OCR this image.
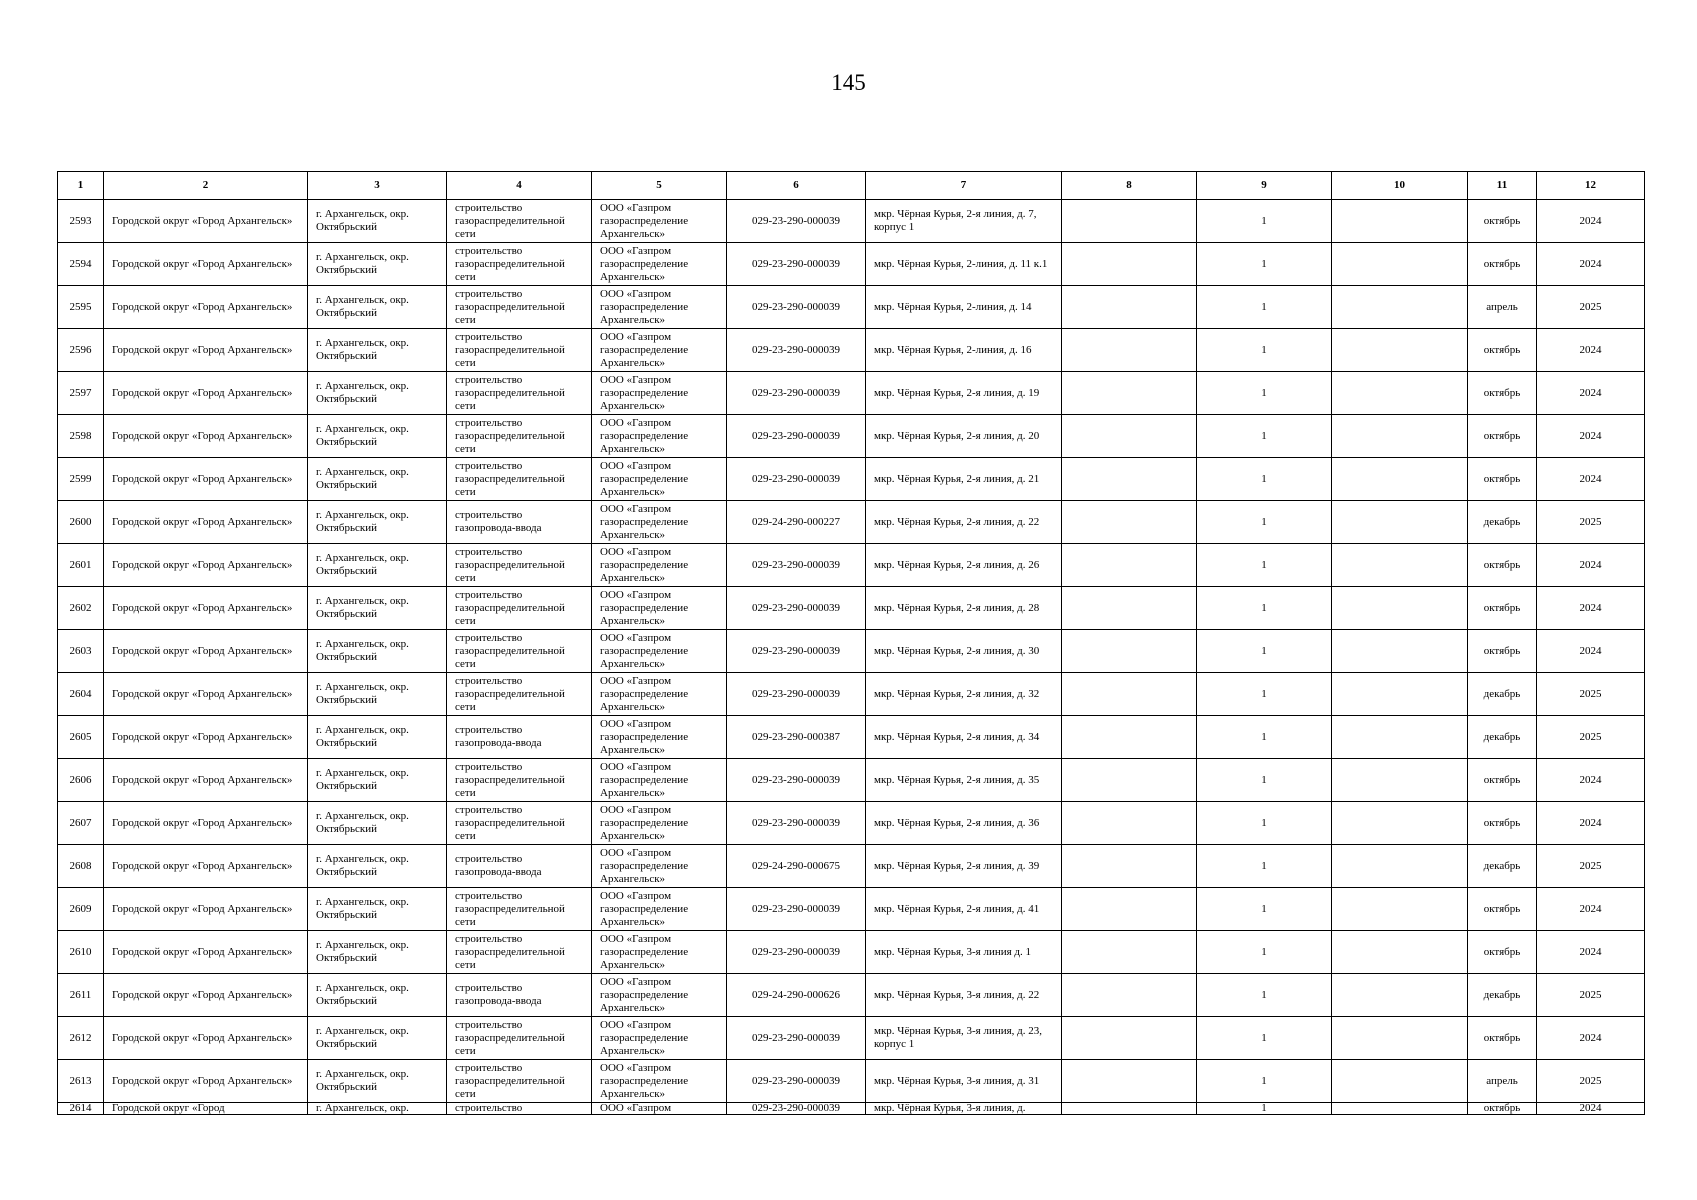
145
1	2	3	4	5	6	7	8	9	10	11	12
2593	Городской округ «Город Архангельск»	г. Архангельск, окр. Октябрьский	строительство газораспределительной сети	ООО «Газпром газораспределение Архангельск»	029-23-290-000039	мкр. Чёрная Курья, 2-я линия, д. 7, корпус 1		1		октябрь	2024
2594	Городской округ «Город Архангельск»	г. Архангельск, окр. Октябрьский	строительство газораспределительной сети	ООО «Газпром газораспределение Архангельск»	029-23-290-000039	мкр. Чёрная Курья, 2-линия, д. 11 к.1		1		октябрь	2024
2595	Городской округ «Город Архангельск»	г. Архангельск, окр. Октябрьский	строительство газораспределительной сети	ООО «Газпром газораспределение Архангельск»	029-23-290-000039	мкр. Чёрная Курья, 2-линия, д. 14		1		апрель	2025
2596	Городской округ «Город Архангельск»	г. Архангельск, окр. Октябрьский	строительство газораспределительной сети	ООО «Газпром газораспределение Архангельск»	029-23-290-000039	мкр. Чёрная Курья, 2-линия, д. 16		1		октябрь	2024
2597	Городской округ «Город Архангельск»	г. Архангельск, окр. Октябрьский	строительство газораспределительной сети	ООО «Газпром газораспределение Архангельск»	029-23-290-000039	мкр. Чёрная Курья, 2-я линия, д. 19		1		октябрь	2024
2598	Городской округ «Город Архангельск»	г. Архангельск, окр. Октябрьский	строительство газораспределительной сети	ООО «Газпром газораспределение Архангельск»	029-23-290-000039	мкр. Чёрная Курья, 2-я линия, д. 20		1		октябрь	2024
2599	Городской округ «Город Архангельск»	г. Архангельск, окр. Октябрьский	строительство газораспределительной сети	ООО «Газпром газораспределение Архангельск»	029-23-290-000039	мкр. Чёрная Курья, 2-я линия, д. 21		1		октябрь	2024
2600	Городской округ «Город Архангельск»	г. Архангельск, окр. Октябрьский	строительство газопровода-ввода	ООО «Газпром газораспределение Архангельск»	029-24-290-000227	мкр. Чёрная Курья, 2-я линия, д. 22		1		декабрь	2025
2601	Городской округ «Город Архангельск»	г. Архангельск, окр. Октябрьский	строительство газораспределительной сети	ООО «Газпром газораспределение Архангельск»	029-23-290-000039	мкр. Чёрная Курья, 2-я линия, д. 26		1		октябрь	2024
2602	Городской округ «Город Архангельск»	г. Архангельск, окр. Октябрьский	строительство газораспределительной сети	ООО «Газпром газораспределение Архангельск»	029-23-290-000039	мкр. Чёрная Курья, 2-я линия, д. 28		1		октябрь	2024
2603	Городской округ «Город Архангельск»	г. Архангельск, окр. Октябрьский	строительство газораспределительной сети	ООО «Газпром газораспределение Архангельск»	029-23-290-000039	мкр. Чёрная Курья, 2-я линия, д. 30		1		октябрь	2024
2604	Городской округ «Город Архангельск»	г. Архангельск, окр. Октябрьский	строительство газораспределительной сети	ООО «Газпром газораспределение Архангельск»	029-23-290-000039	мкр. Чёрная Курья, 2-я линия, д. 32		1		декабрь	2025
2605	Городской округ «Город Архангельск»	г. Архангельск, окр. Октябрьский	строительство газопровода-ввода	ООО «Газпром газораспределение Архангельск»	029-23-290-000387	мкр. Чёрная Курья, 2-я линия, д. 34		1		декабрь	2025
2606	Городской округ «Город Архангельск»	г. Архангельск, окр. Октябрьский	строительство газораспределительной сети	ООО «Газпром газораспределение Архангельск»	029-23-290-000039	мкр. Чёрная Курья, 2-я линия, д. 35		1		октябрь	2024
2607	Городской округ «Город Архангельск»	г. Архангельск, окр. Октябрьский	строительство газораспределительной сети	ООО «Газпром газораспределение Архангельск»	029-23-290-000039	мкр. Чёрная Курья, 2-я линия, д. 36		1		октябрь	2024
2608	Городской округ «Город Архангельск»	г. Архангельск, окр. Октябрьский	строительство газопровода-ввода	ООО «Газпром газораспределение Архангельск»	029-24-290-000675	мкр. Чёрная Курья, 2-я линия, д. 39		1		декабрь	2025
2609	Городской округ «Город Архангельск»	г. Архангельск, окр. Октябрьский	строительство газораспределительной сети	ООО «Газпром газораспределение Архангельск»	029-23-290-000039	мкр. Чёрная Курья, 2-я линия, д. 41		1		октябрь	2024
2610	Городской округ «Город Архангельск»	г. Архангельск, окр. Октябрьский	строительство газораспределительной сети	ООО «Газпром газораспределение Архангельск»	029-23-290-000039	мкр. Чёрная Курья, 3-я линия д. 1		1		октябрь	2024
2611	Городской округ «Город Архангельск»	г. Архангельск, окр. Октябрьский	строительство газопровода-ввода	ООО «Газпром газораспределение Архангельск»	029-24-290-000626	мкр. Чёрная Курья, 3-я линия, д. 22		1		декабрь	2025
2612	Городской округ «Город Архангельск»	г. Архангельск, окр. Октябрьский	строительство газораспределительной сети	ООО «Газпром газораспределение Архангельск»	029-23-290-000039	мкр. Чёрная Курья, 3-я линия, д. 23, корпус 1		1		октябрь	2024
2613	Городской округ «Город Архангельск»	г. Архангельск, окр. Октябрьский	строительство газораспределительной сети	ООО «Газпром газораспределение Архангельск»	029-23-290-000039	мкр. Чёрная Курья, 3-я линия, д. 31		1		апрель	2025
2614	Городской округ «Город	г. Архангельск, окр.	строительство	ООО «Газпром	029-23-290-000039	мкр. Чёрная Курья, 3-я линия, д.		1		октябрь	2024
